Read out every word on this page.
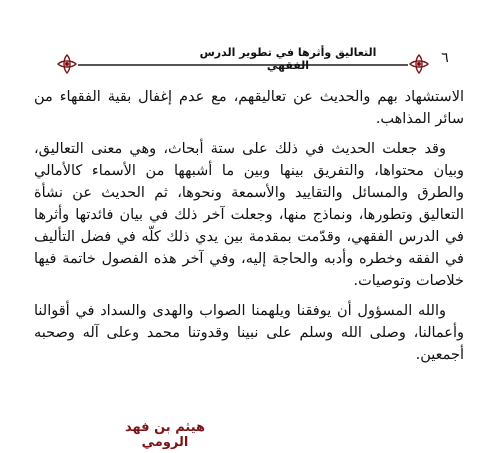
التعاليق وأثرها في تطوير الدرس الفقهي	٦

الاستشهاد بهم والحديث عن تعاليقهم، مع عدم إغفال بقية الفقهاء من سائر المذاهب.

وقد جعلت الحديث في ذلك على ستة أبحاث، وهي معنى التعاليق، وبيان محتواها، والتفريق بينها وبين ما أشبهها من الأسماء كالأمالي والطرق والمسائل والتقاييد والأسمعة ونحوها، ثم الحديث عن نشأة التعاليق وتطورها، ونماذج منها، وجعلت آخر ذلك في بيان فائدتها وأثرها في الدرس الفقهي، وقدّمت بمقدمة بين يدي ذلك كلّه في فضل التأليف في الفقه وخطره وأدبه والحاجة إليه، وفي آخر هذه الفصول خاتمة فيها خلاصات وتوصيات.

والله المسؤول أن يوفقنا ويلهمنا الصواب والهدى والسداد في أقوالنا وأعمالنا، وصلى الله وسلم على نبينا وقدوتنا محمد وعلى آله وصحبه أجمعين.

هيثم بن فهد الرومي
